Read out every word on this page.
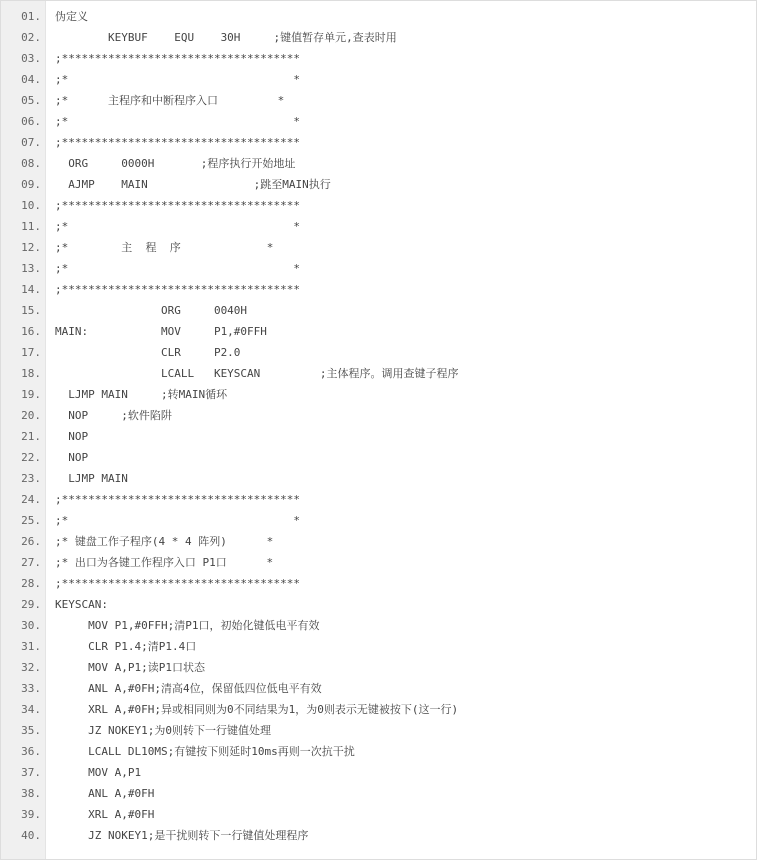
01. 伪定义
02. KEYBUF    EQU    30H     ;键值暂存单元,查表时用
03. ;************************************
04. ;*                                  *
05. ;*      主程序和中断程序入口         *
06. ;*                                  *
07. ;************************************
08. ORG     0000H       ;程序执行开始地址
09. AJMP    MAIN                ;跳至MAIN执行
10. ;************************************
11. ;*                                  *
12. ;*        主  程  序             *
13. ;*                                  *
14. ;************************************
15. ORG     0040H
16. MAIN:           MOV     P1,#0FFH
17. CLR     P2.0
18. LCALL   KEYSCAN         ;主体程序。调用查键子程序
19. LJMP MAIN     ;转MAIN循环
20. NOP     ;软件陷阱
21. NOP
22. NOP
23. LJMP MAIN
24. ;************************************
25. ;*                                  *
26. ;* 键盘工作子程序(4 * 4 阵列)      *
27. ;* 出口为各键工作程序入口 P1口      *
28. ;************************************
29. KEYSCAN:
30. MOV P1,#0FFH;清P1口，初始化键低电平有效
31. CLR P1.4;清P1.4口
32. MOV A,P1;读P1口状态
33. ANL A,#0FH;清高4位，保留低四位低电平有效
34. XRL A,#0FH;异或相同则为0不同结果为1，为0则表示无键被按下(这一行)
35. JZ NOKEY1;为0则转下一行键值处理
36. LCALL DL10MS;有键按下则延时10ms再则一次抗干扰
37. MOV A,P1
38. ANL A,#0FH
39. XRL A,#0FH
40. JZ NOKEY1;是干扰则转下一行键值处理程序
